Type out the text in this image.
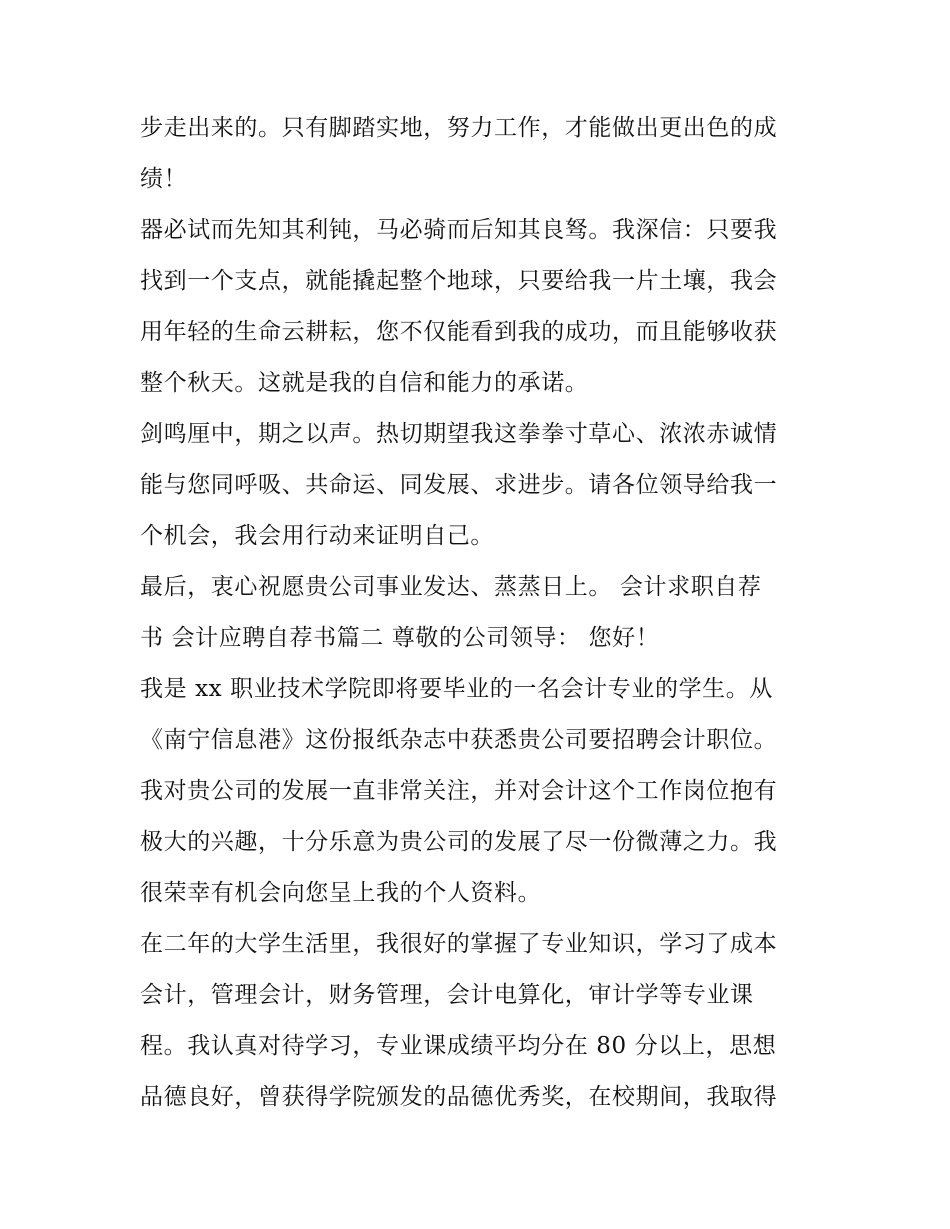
步走出来的。只有脚踏实地，努力工作，才能做出更出色的成
绩！
器必试而先知其利钝，马必骑而后知其良驽。我深信：只要我
找到一个支点，就能撬起整个地球，只要给我一片土壤，我会
用年轻的生命云耕耘，您不仅能看到我的成功，而且能够收获
整个秋天。这就是我的自信和能力的承诺。
剑鸣厘中，期之以声。热切期望我这拳拳寸草心、浓浓赤诚情
能与您同呼吸、共命运、同发展、求进步。请各位领导给我一
个机会，我会用行动来证明自己。
最后，衷心祝愿贵公司事业发达、蒸蒸日上。 会计求职自荐
书 会计应聘自荐书篇二 尊敬的公司领导： 您好！
我是 xx 职业技术学院即将要毕业的一名会计专业的学生。从
《南宁信息港》这份报纸杂志中获悉贵公司要招聘会计职位。
我对贵公司的发展一直非常关注，并对会计这个工作岗位抱有
极大的兴趣，十分乐意为贵公司的发展了尽一份微薄之力。我
很荣幸有机会向您呈上我的个人资料。
在二年的大学生活里，我很好的掌握了专业知识，学习了成本
会计，管理会计，财务管理，会计电算化，审计学等专业课
程。我认真对待学习，专业课成绩平均分在 80 分以上，思想
品德良好，曾获得学院颁发的品德优秀奖，在校期间，我取得
